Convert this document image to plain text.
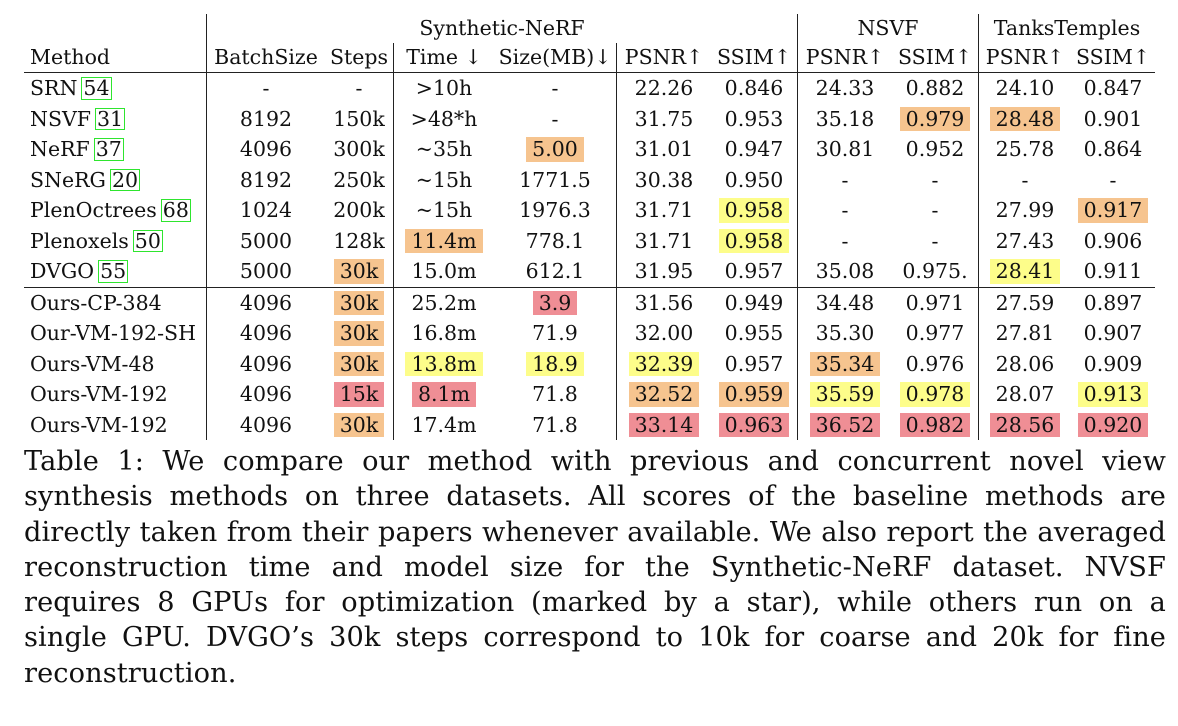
	Synthetic-NeRF						NSVF		TanksTemples	
Method	BatchSize	Steps	Time ↓	Size(MB)↓	PSNR↑	SSIM↑	PSNR↑	SSIM↑	PSNR↑	SSIM↑
SRN 54	-	-	>10h	-	22.26	0.846	24.33	0.882	24.10	0.847
NSVF 31	8192	150k	>48*h	-	31.75	0.953	35.18	0.979	28.48	0.901
NeRF 37	4096	300k	~35h	5.00	31.01	0.947	30.81	0.952	25.78	0.864
SNeRG 20	8192	250k	~15h	1771.5	30.38	0.950	-	-	-	-
PlenOctrees 68	1024	200k	~15h	1976.3	31.71	0.958	-	-	27.99	0.917
Plenoxels 50	5000	128k	11.4m	778.1	31.71	0.958	-	-	27.43	0.906
DVGO 55	5000	30k	15.0m	612.1	31.95	0.957	35.08	0.975.	28.41	0.911
Ours-CP-384	4096	30k	25.2m	3.9	31.56	0.949	34.48	0.971	27.59	0.897
Our-VM-192-SH	4096	30k	16.8m	71.9	32.00	0.955	35.30	0.977	27.81	0.907
Ours-VM-48	4096	30k	13.8m	18.9	32.39	0.957	35.34	0.976	28.06	0.909
Ours-VM-192	4096	15k	8.1m	71.8	32.52	0.959	35.59	0.978	28.07	0.913
Ours-VM-192	4096	30k	17.4m	71.8	33.14	0.963	36.52	0.982	28.56	0.920
Table 1: We compare our method with previous and concurrent novel view
synthesis methods on three datasets. All scores of the baseline methods are
directly taken from their papers whenever available. We also report the averaged
reconstruction time and model size for the Synthetic-NeRF dataset. NVSF
requires 8 GPUs for optimization (marked by a star), while others run on a
single GPU. DVGO’s 30k steps correspond to 10k for coarse and 20k for fine
reconstruction.
